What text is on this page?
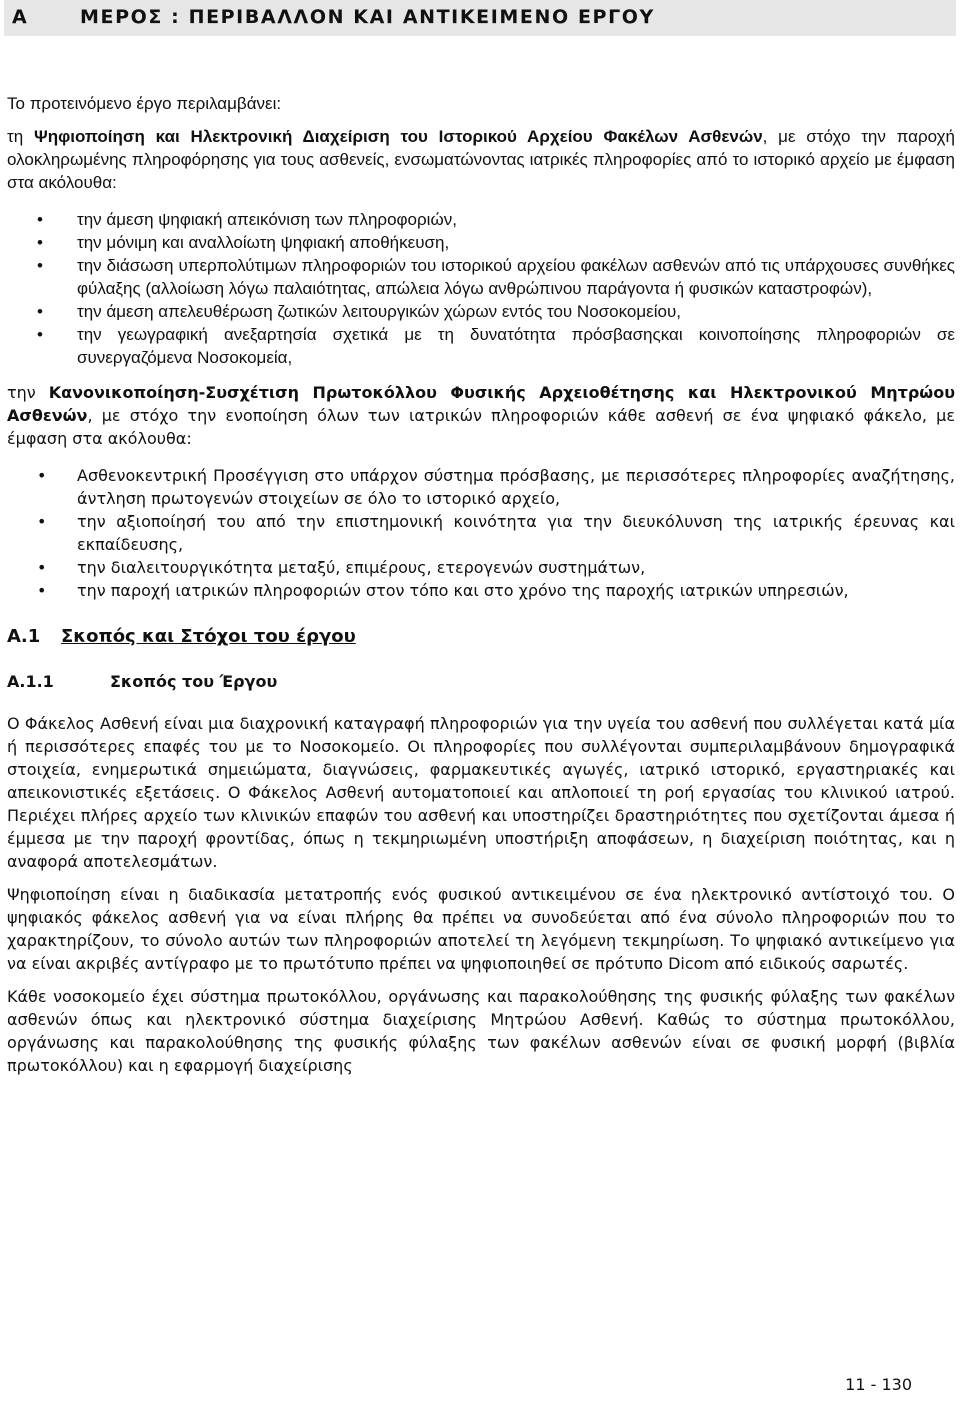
Α	ΜΕΡΟΣ : ΠΕΡΙΒΑΛΛΟΝ ΚΑΙ ΑΝΤΙΚΕΙΜΕΝΟ ΕΡΓΟΥ

Το προτεινόμενο έργο περιλαμβάνει:

τη Ψηφιοποίηση και Ηλεκτρονική Διαχείριση του Ιστορικού Αρχείου Φακέλων Ασθενών, με στόχο την παροχή ολοκληρωμένης πληροφόρησης για τους ασθενείς, ενσωματώνοντας ιατρικές πληροφορίες από το ιστορικό αρχείο με έμφαση στα ακόλουθα:

• την άμεση ψηφιακή απεικόνιση των πληροφοριών,
• την μόνιμη και αναλλοίωτη ψηφιακή αποθήκευση,
• την διάσωση υπερπολύτιμων πληροφοριών του ιστορικού αρχείου φακέλων ασθενών από τις υπάρχουσες συνθήκες φύλαξης (αλλοίωση λόγω παλαιότητας, απώλεια λόγω ανθρώπινου παράγοντα ή φυσικών καταστροφών),
• την άμεση απελευθέρωση ζωτικών λειτουργικών χώρων εντός του Νοσοκομείου,
• την γεωγραφική ανεξαρτησία σχετικά με τη δυνατότητα πρόσβασηςκαι κοινοποίησης πληροφοριών σε συνεργαζόμενα Νοσοκομεία,

την Κανονικοποίηση-Συσχέτιση Πρωτοκόλλου Φυσικής Αρχειοθέτησης και Ηλεκτρονικού Μητρώου Ασθενών, με στόχο την ενοποίηση όλων των ιατρικών πληροφοριών κάθε ασθενή σε ένα ψηφιακό φάκελο, με έμφαση στα ακόλουθα:

• Ασθενοκεντρική Προσέγγιση στο υπάρχον σύστημα πρόσβασης, με περισσότερες πληροφορίες αναζήτησης, άντληση πρωτογενών στοιχείων σε όλο το ιστορικό αρχείο,
• την αξιοποίησή του από την επιστημονική κοινότητα για την διευκόλυνση της ιατρικής έρευνας και εκπαίδευσης,
• την διαλειτουργικότητα μεταξύ, επιμέρους, ετερογενών συστημάτων,
• την παροχή ιατρικών πληροφοριών στον τόπο και στο χρόνο της παροχής ιατρικών υπηρεσιών,
Α.1 Σκοπός και Στόχοι του έργου
Α.1.1	Σκοπός του Έργου

Ο Φάκελος Ασθενή είναι μια διαχρονική καταγραφή πληροφοριών για την υγεία του ασθενή που συλλέγεται κατά μία ή περισσότερες επαφές του με το Νοσοκομείο. Οι πληροφορίες που συλλέγονται συμπεριλαμβάνουν δημογραφικά στοιχεία, ενημερωτικά σημειώματα, διαγνώσεις, φαρμακευτικές αγωγές, ιατρικό ιστορικό, εργαστηριακές και απεικονιστικές εξετάσεις. Ο Φάκελος Ασθενή αυτοματοποιεί και απλοποιεί τη ροή εργασίας του κλινικού ιατρού. Περιέχει πλήρες αρχείο των κλινικών επαφών του ασθενή και υποστηρίζει δραστηριότητες που σχετίζονται άμεσα ή έμμεσα με την παροχή φροντίδας, όπως η τεκμηριωμένη υποστήριξη αποφάσεων, η διαχείριση ποιότητας, και η αναφορά αποτελεσμάτων.

Ψηφιοποίηση είναι η διαδικασία μετατροπής ενός φυσικού αντικειμένου σε ένα ηλεκτρονικό αντίστοιχό του. Ο ψηφιακός φάκελος ασθενή για να είναι πλήρης θα πρέπει να συνοδεύεται από ένα σύνολο πληροφοριών που το χαρακτηρίζουν, το σύνολο αυτών των πληροφοριών αποτελεί τη λεγόμενη τεκμηρίωση. Το ψηφιακό αντικείμενο για να είναι ακριβές αντίγραφο με το πρωτότυπο πρέπει να ψηφιοποιηθεί σε πρότυπο Dicom από ειδικούς σαρωτές.

Κάθε νοσοκομείο έχει σύστημα πρωτοκόλλου, οργάνωσης και παρακολούθησης της φυσικής φύλαξης των φακέλων ασθενών όπως και ηλεκτρονικό σύστημα διαχείρισης Μητρώου Ασθενή. Καθώς το σύστημα πρωτοκόλλου, οργάνωσης και παρακολούθησης της φυσικής φύλαξης των φακέλων ασθενών είναι σε φυσική μορφή (βιβλία πρωτοκόλλου) και η εφαρμογή διαχείρισης

11 - 130
